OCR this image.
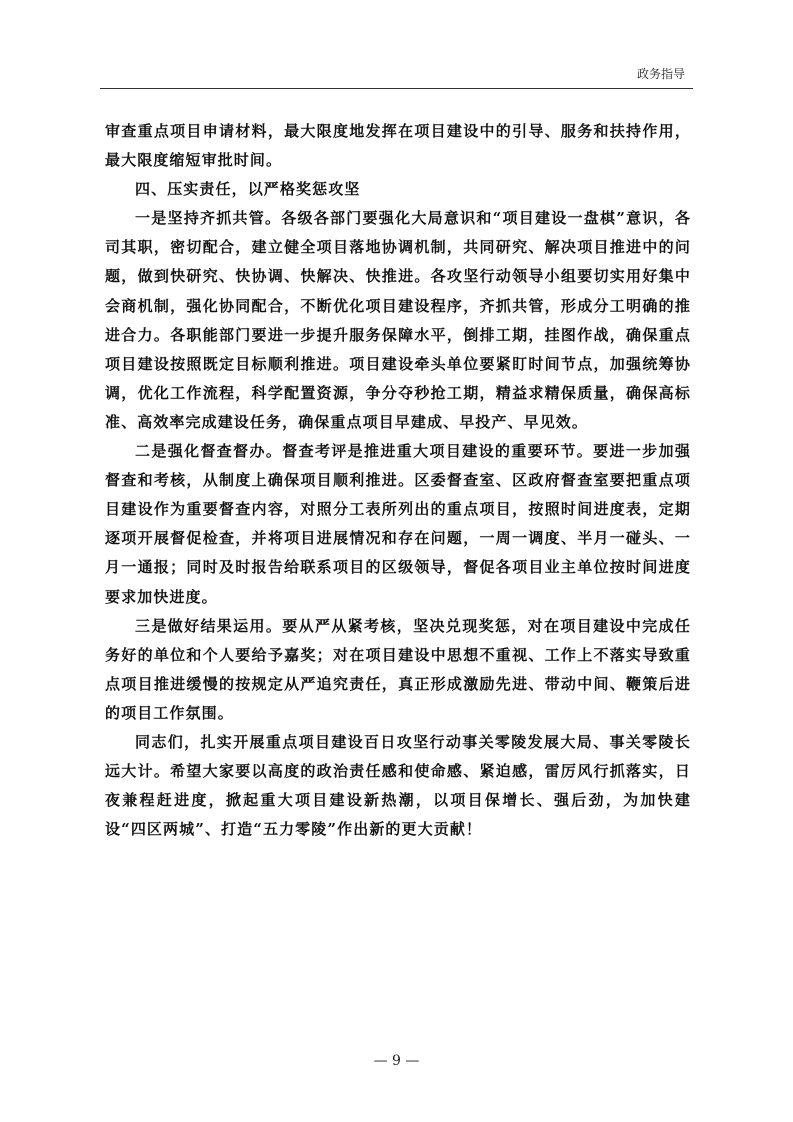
政务指导

审查重点项目申请材料，最大限度地发挥在项目建设中的引导、服务和扶持作用，最大限度缩短审批时间。

四、压实责任，以严格奖惩攻坚

一是坚持齐抓共管。各级各部门要强化大局意识和“项目建设一盘棋”意识，各司其职，密切配合，建立健全项目落地协调机制，共同研究、解决项目推进中的问题，做到快研究、快协调、快解决、快推进。各攻坚行动领导小组要切实用好集中会商机制，强化协同配合，不断优化项目建设程序，齐抓共管，形成分工明确的推进合力。各职能部门要进一步提升服务保障水平，倒排工期，挂图作战，确保重点项目建设按照既定目标顺利推进。项目建设牵头单位要紧盯时间节点，加强统筹协调，优化工作流程，科学配置资源，争分夺秒抢工期，精益求精保质量，确保高标准、高效率完成建设任务，确保重点项目早建成、早投产、早见效。

二是强化督查督办。督查考评是推进重大项目建设的重要环节。要进一步加强督查和考核，从制度上确保项目顺利推进。区委督查室、区政府督查室要把重点项目建设作为重要督查内容，对照分工表所列出的重点项目，按照时间进度表，定期逐项开展督促检查，并将项目进展情况和存在问题，一周一调度、半月一碰头、一月一通报；同时及时报告给联系项目的区级领导，督促各项目业主单位按时间进度要求加快进度。

三是做好结果运用。要从严从紧考核，坚决兑现奖惩，对在项目建设中完成任务好的单位和个人要给予嘉奖；对在项目建设中思想不重视、工作上不落实导致重点项目推进缓慢的按规定从严追究责任，真正形成激励先进、带动中间、鞭策后进的项目工作氛围。

同志们，扎实开展重点项目建设百日攻坚行动事关零陵发展大局、事关零陵长远大计。希望大家要以高度的政治责任感和使命感、紧迫感，雷厉风行抓落实，日夜兼程赶进度，掀起重大项目建设新热潮，以项目保增长、强后劲，为加快建设“四区两城”、打造“五力零陵”作出新的更大贡献！

— 9 —
